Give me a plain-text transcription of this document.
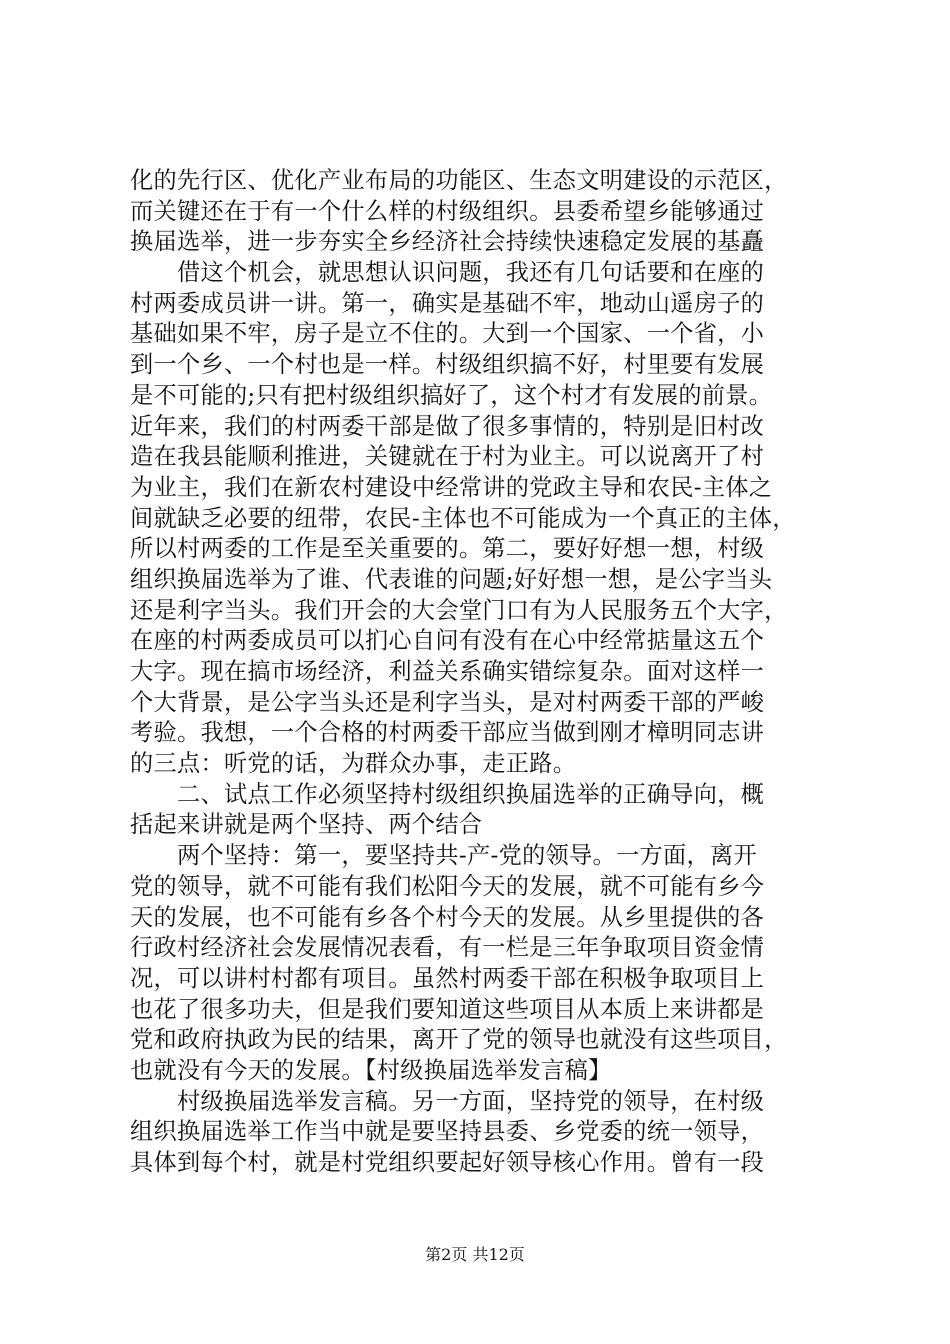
化的先行区、优化产业布局的功能区、生态文明建设的示范区，
而关键还在于有一个什么样的村级组织。县委希望乡能够通过
换届选举，进一步夯实全乡经济社会持续快速稳定发展的基矗
　　借这个机会，就思想认识问题，我还有几句话要和在座的
村两委成员讲一讲。第一，确实是基础不牢，地动山遥房子的
基础如果不牢，房子是立不住的。大到一个国家、一个省，小
到一个乡、一个村也是一样。村级组织搞不好，村里要有发展
是不可能的;只有把村级组织搞好了，这个村才有发展的前景。
近年来，我们的村两委干部是做了很多事情的，特别是旧村改
造在我县能顺利推进，关键就在于村为业主。可以说离开了村
为业主，我们在新农村建设中经常讲的党政主导和农民-主体之
间就缺乏必要的纽带，农民-主体也不可能成为一个真正的主体，
所以村两委的工作是至关重要的。第二，要好好想一想，村级
组织换届选举为了谁、代表谁的问题;好好想一想，是公字当头
还是利字当头。我们开会的大会堂门口有为人民服务五个大字，
在座的村两委成员可以扪心自问有没有在心中经常掂量这五个
大字。现在搞市场经济，利益关系确实错综复杂。面对这样一
个大背景，是公字当头还是利字当头，是对村两委干部的严峻
考验。我想，一个合格的村两委干部应当做到刚才樟明同志讲
的三点：听党的话，为群众办事，走正路。
　　二、试点工作必须坚持村级组织换届选举的正确导向，概
括起来讲就是两个坚持、两个结合
　　两个坚持：第一，要坚持共-产-党的领导。一方面，离开
党的领导，就不可能有我们松阳今天的发展，就不可能有乡今
天的发展，也不可能有乡各个村今天的发展。从乡里提供的各
行政村经济社会发展情况表看，有一栏是三年争取项目资金情
况，可以讲村村都有项目。虽然村两委干部在积极争取项目上
也花了很多功夫，但是我们要知道这些项目从本质上来讲都是
党和政府执政为民的结果，离开了党的领导也就没有这些项目，
也就没有今天的发展。【村级换届选举发言稿】
　　村级换届选举发言稿。另一方面，坚持党的领导，在村级
组织换届选举工作当中就是要坚持县委、乡党委的统一领导，
具体到每个村，就是村党组织要起好领导核心作用。曾有一段
第2页 共12页
